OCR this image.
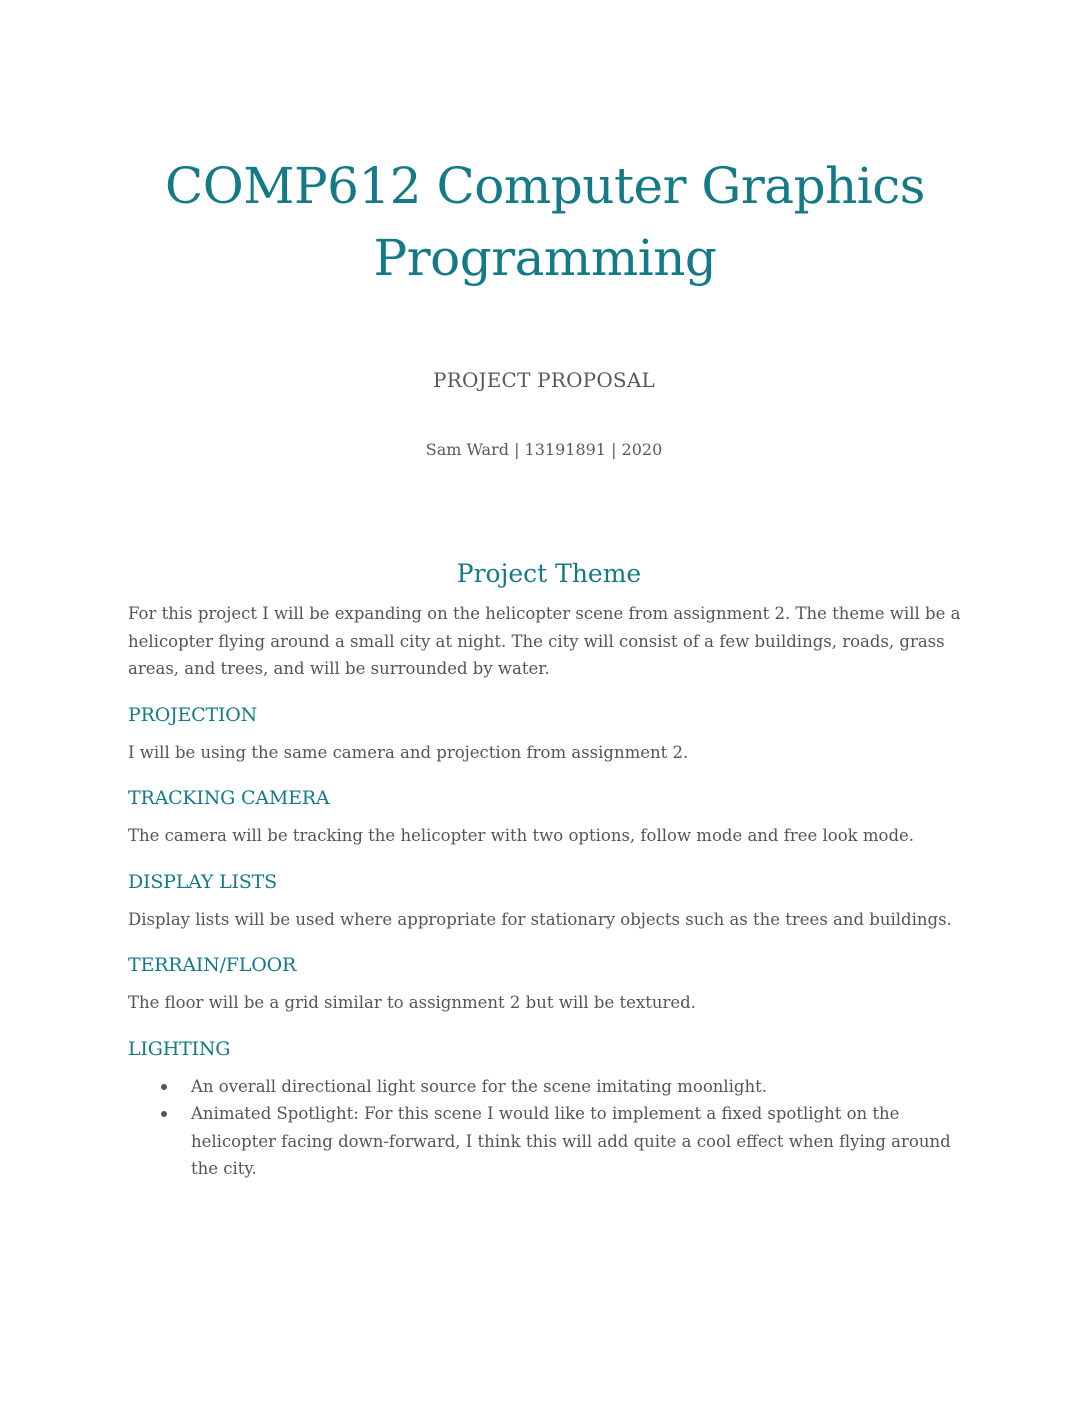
COMP612 Computer Graphics Programming
PROJECT PROPOSAL
Sam Ward | 13191891 | 2020
Project Theme

For this project I will be expanding on the helicopter scene from assignment 2. The theme will be a helicopter flying around a small city at night. The city will consist of a few buildings, roads, grass areas, and trees, and will be surrounded by water.

PROJECTION

I will be using the same camera and projection from assignment 2.

TRACKING CAMERA

The camera will be tracking the helicopter with two options, follow mode and free look mode.

DISPLAY LISTS

Display lists will be used where appropriate for stationary objects such as the trees and buildings.

TERRAIN/FLOOR

The floor will be a grid similar to assignment 2 but will be textured.

LIGHTING
An overall directional light source for the scene imitating moonlight.
Animated Spotlight: For this scene I would like to implement a fixed spotlight on the helicopter facing down-forward, I think this will add quite a cool effect when flying around the city.
